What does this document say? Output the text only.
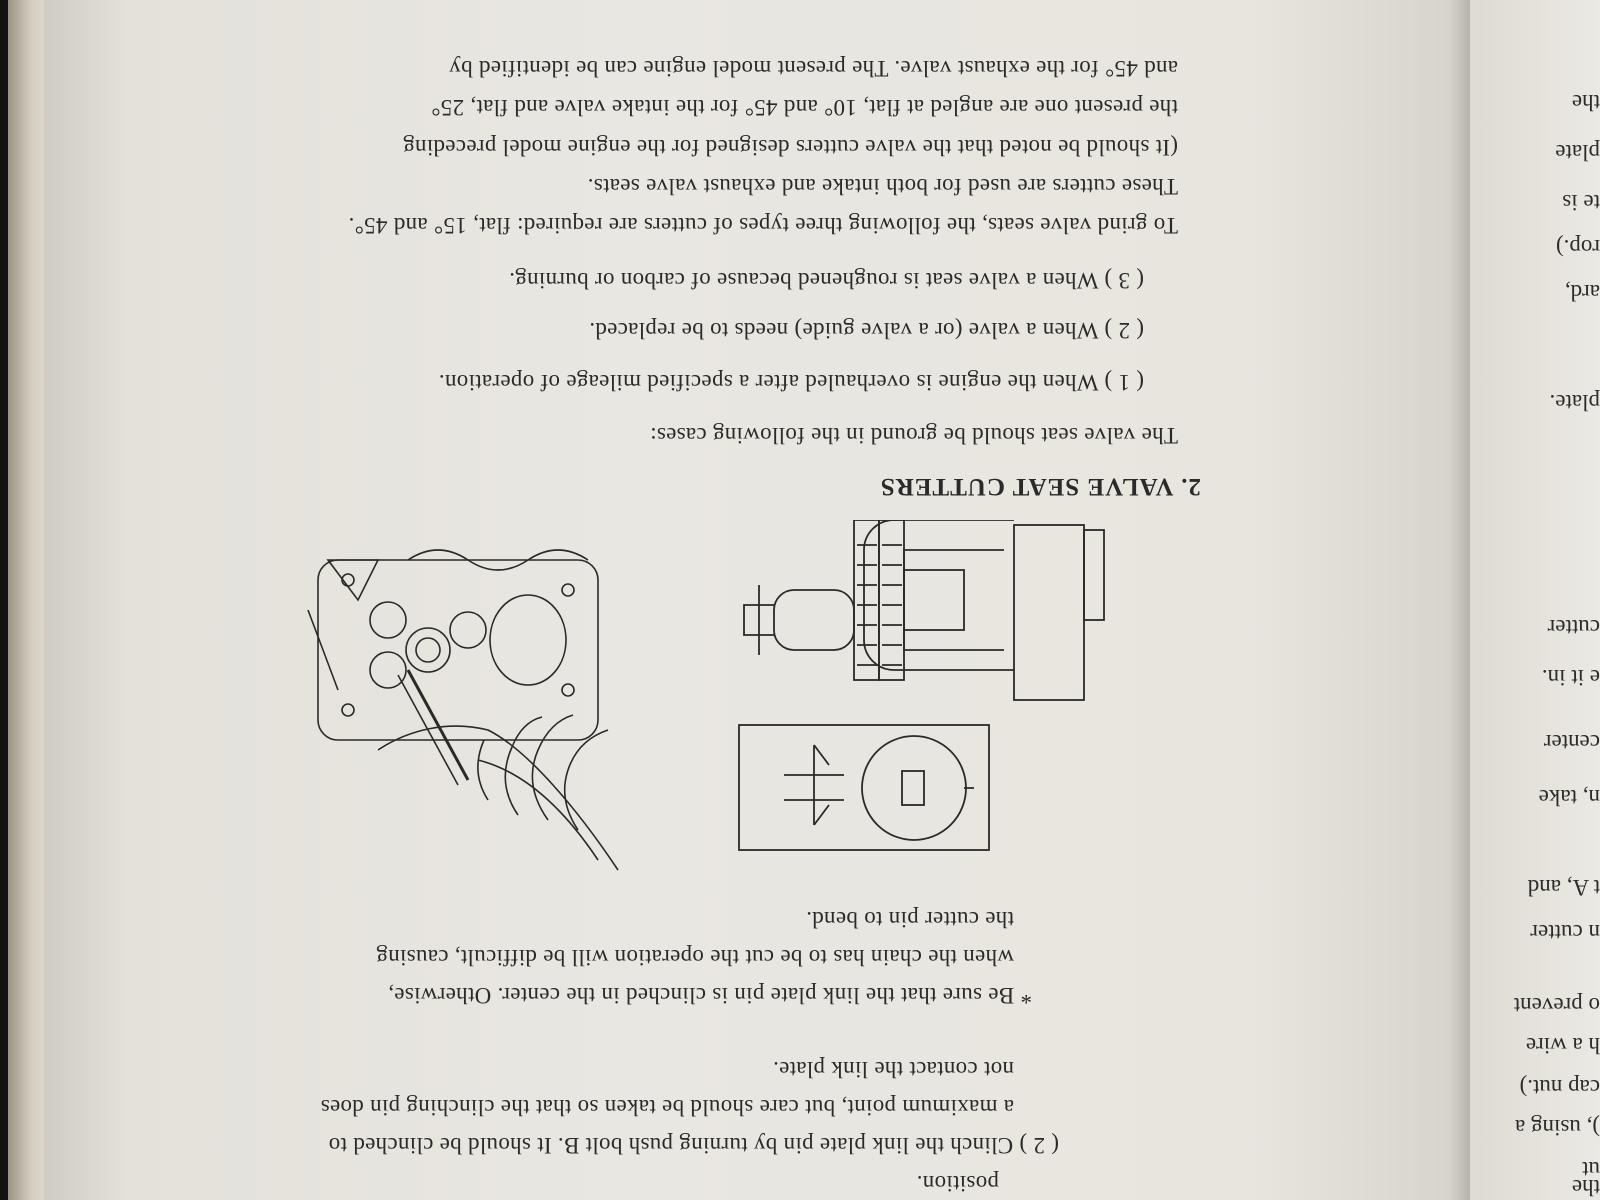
position.
( 2 ) Clinch the link plate pin by turning push bolt B. It should be clinched to
a maximum point, but care should be taken so that the clinching pin does
not contact the link plate.
* Be sure that the link plate pin is clinched in the center. Otherwise,
when the chain has to be cut the operation will be difficult, causing
the cutter pin to bend.
2. VALVE SEAT CUTTERS
The valve seat should be ground in the following cases:
( 1 ) When the engine is overhauled after a specified mileage of operation.
( 2 ) When a valve (or a valve guide) needs to be replaced.
( 3 ) When a valve seat is roughened because of carbon or burning.
To grind valve seats, the following three types of cutters are required: flat, 15° and 45°.
These cutters are used for both intake and exhaust valve seats.
(It should be noted that the valve cutters designed for the engine model preceding
the present one are angled at flat, 10° and 45° for the intake valve and flat, 25°
and 45° for the exhaust valve. The present model engine can be identified by
the
ut
), using a
cap nut.)
h a wire
o prevent
n cutter
t A, and
n, take
center
e it in.
cutter
plate.
ard,
rop.)
te is
plate
the
